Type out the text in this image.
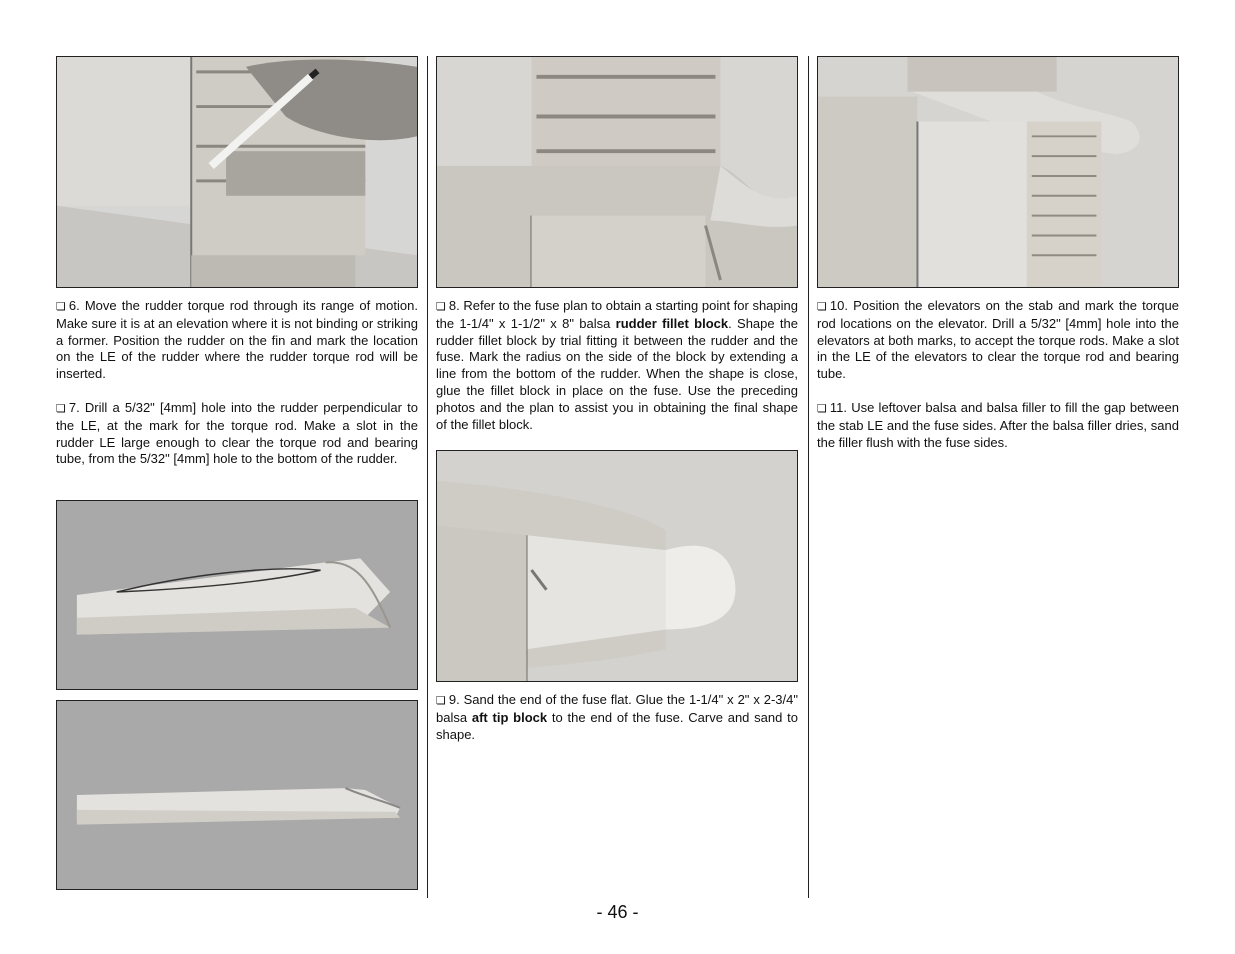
❏ 6. Move the rudder torque rod through its range of motion. Make sure it is at an elevation where it is not binding or striking a former. Position the rudder on the fin and mark the location on the LE of the rudder where the rudder torque rod will be inserted.

❏ 7. Drill a 5/32" [4mm] hole into the rudder perpendicular to the LE, at the mark for the torque rod. Make a slot in the rudder LE large enough to clear the torque rod and bearing tube, from the 5/32" [4mm] hole to the bottom of the rudder.

❏ 8. Refer to the fuse plan to obtain a starting point for shaping the 1-1/4" x 1-1/2" x 8" balsa rudder fillet block. Shape the rudder fillet block by trial fitting it between the rudder and the fuse. Mark the radius on the side of the block by extending a line from the bottom of the rudder. When the shape is close, glue the fillet block in place on the fuse. Use the preceding photos and the plan to assist you in obtaining the final shape of the fillet block.

❏ 9. Sand the end of the fuse flat. Glue the 1-1/4" x 2" x 2-3/4" balsa aft tip block to the end of the fuse. Carve and sand to shape.

❏ 10. Position the elevators on the stab and mark the torque rod locations on the elevator. Drill a 5/32" [4mm] hole into the elevators at both marks, to accept the torque rods. Make a slot in the LE of the elevators to clear the torque rod and bearing tube.

❏ 11. Use leftover balsa and balsa filler to fill the gap between the stab LE and the fuse sides. After the balsa filler dries, sand the filler flush with the fuse sides.

- 46 -
